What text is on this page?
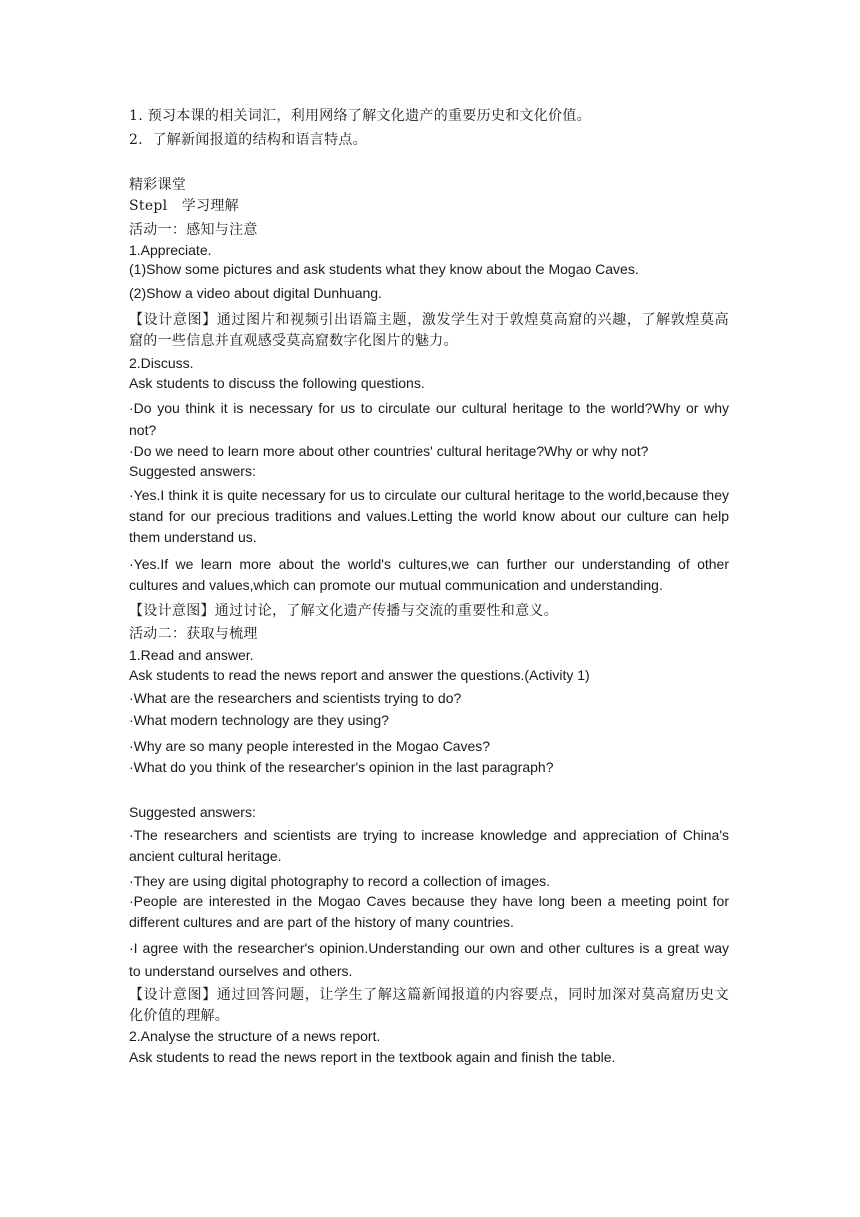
1. 预习本课的相关词汇，利用网络了解文化遗产的重要历史和文化价值。
2．了解新闻报道的结构和语言特点。
精彩课堂
Stepl　学习理解
活动一：感知与注意
1.Appreciate.
(1)Show some pictures and ask students what they know about the Mogao Caves.
(2)Show a video about digital Dunhuang.
【设计意图】通过图片和视频引出语篇主题，激发学生对于敦煌莫高窟的兴趣，了解敦煌莫高窟的一些信息并直观感受莫高窟数字化图片的魅力。
2.Discuss.
Ask students to discuss the following questions.
·Do you think it is necessary for us to circulate our cultural heritage to the world?Why or why not?
·Do we need to learn more about other countries' cultural heritage?Why or why not?
Suggested answers:
·Yes.I think it is quite necessary for us to circulate our cultural heritage to the world,because they stand for our precious traditions and values.Letting the world know about our culture can help them understand us.
·Yes.If we learn more about the world's cultures,we can further our understanding of other cultures and values,which can promote our mutual communication and understanding.
【设计意图】通过讨论，了解文化遗产传播与交流的重要性和意义。
活动二：获取与梳理
1.Read and answer.
Ask students to read the news report and answer the questions.(Activity 1)
·What are the researchers and scientists trying to do?
·What modern technology are they using?
·Why are so many people interested in the Mogao Caves?
·What do you think of the researcher's opinion in the last paragraph?
Suggested answers:
·The researchers and scientists are trying to increase knowledge and appreciation of China's ancient cultural heritage.
·They are using digital photography to record a collection of images.
·People are interested in the Mogao Caves because they have long been a meeting point for different cultures and are part of the history of many countries.
·I agree with the researcher's opinion.Understanding our own and other cultures is a great way to understand ourselves and others.
【设计意图】通过回答问题，让学生了解这篇新闻报道的内容要点，同时加深对莫高窟历史文化价值的理解。
2.Analyse the structure of a news report.
Ask students to read the news report in the textbook again and finish the table.
